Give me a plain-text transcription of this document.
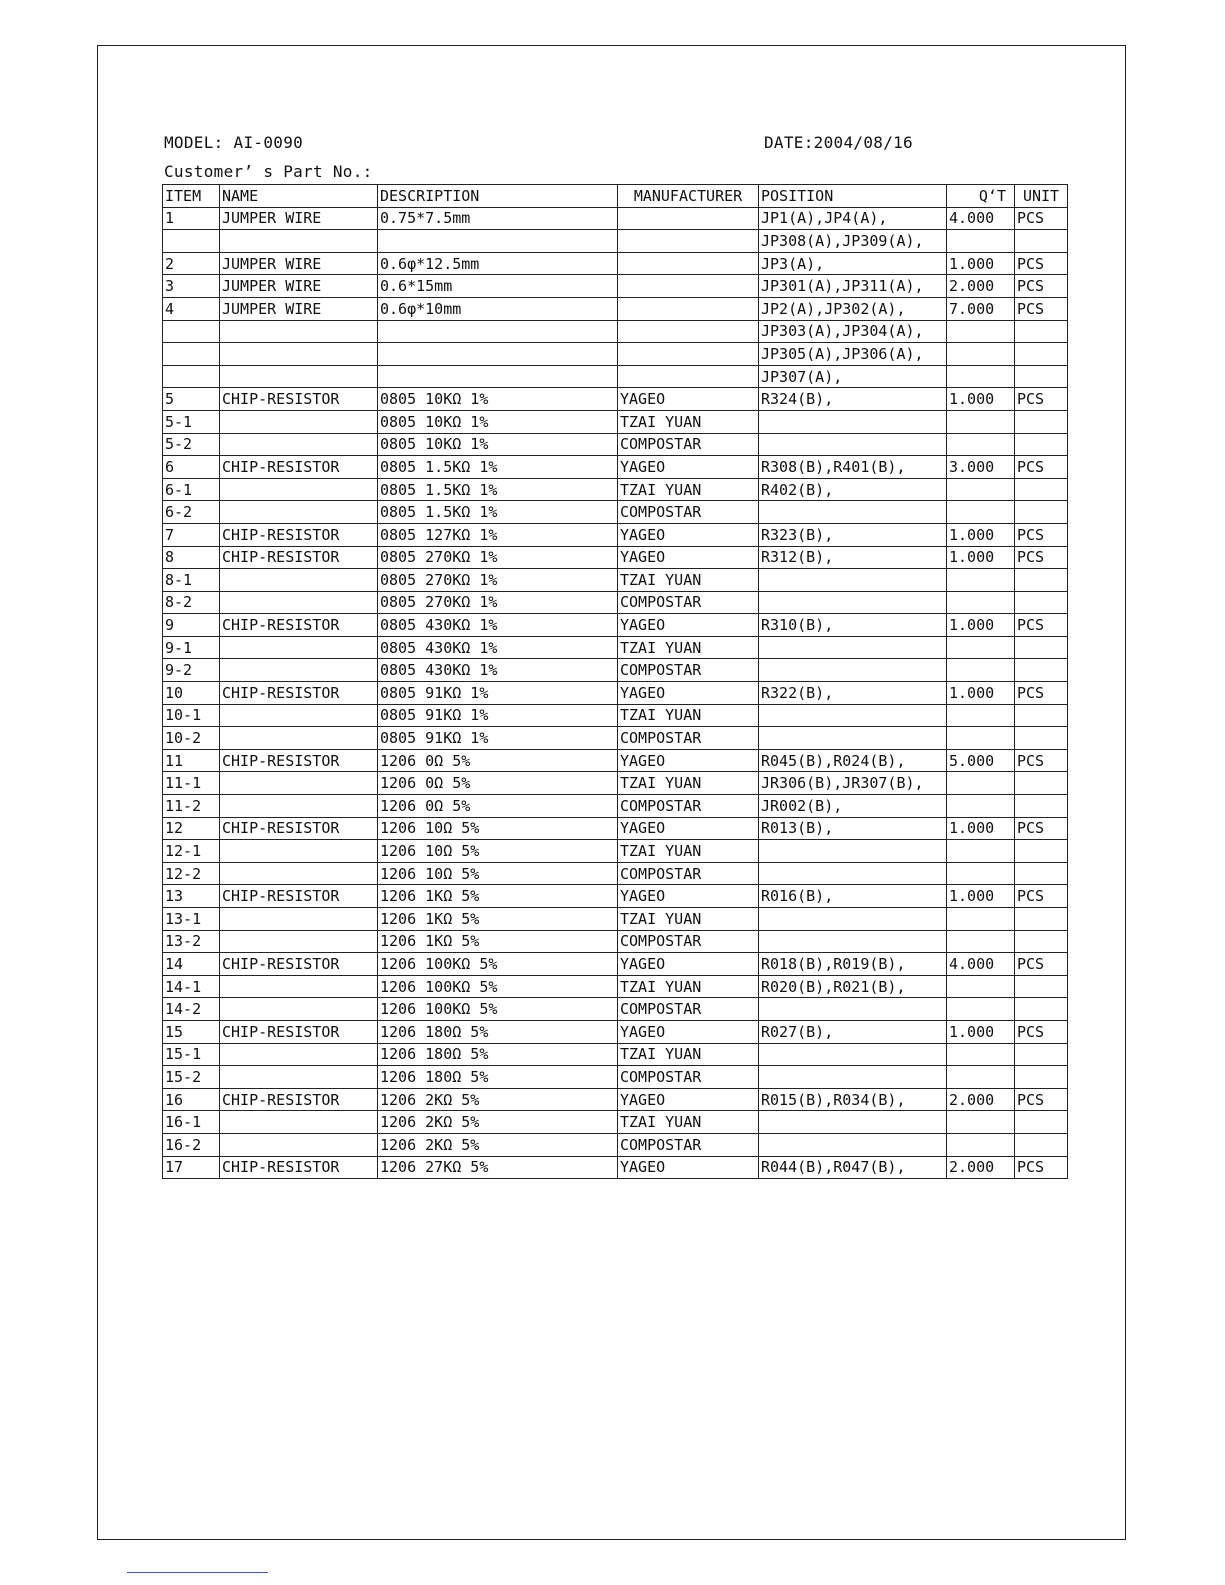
MODEL: AI-0090	DATE:2004/08/16
Customer’ s Part No.:
ITEM	NAME	DESCRIPTION	MANUFACTURER	POSITION	Q‘T	UNIT
1	JUMPER WIRE	0.75*7.5mm		JP1(A),JP4(A),	4.000	PCS
				JP308(A),JP309(A),		
2	JUMPER WIRE	0.6φ*12.5mm		JP3(A),	1.000	PCS
3	JUMPER WIRE	0.6*15mm		JP301(A),JP311(A),	2.000	PCS
4	JUMPER WIRE	0.6φ*10mm		JP2(A),JP302(A),	7.000	PCS
				JP303(A),JP304(A),		
				JP305(A),JP306(A),		
				JP307(A),		
5	CHIP-RESISTOR	0805 10KΩ 1%	YAGEO	R324(B),	1.000	PCS
5-1		0805 10KΩ 1%	TZAI YUAN			
5-2		0805 10KΩ 1%	COMPOSTAR			
6	CHIP-RESISTOR	0805 1.5KΩ 1%	YAGEO	R308(B),R401(B),	3.000	PCS
6-1		0805 1.5KΩ 1%	TZAI YUAN	R402(B),		
6-2		0805 1.5KΩ 1%	COMPOSTAR			
7	CHIP-RESISTOR	0805 127KΩ 1%	YAGEO	R323(B),	1.000	PCS
8	CHIP-RESISTOR	0805 270KΩ 1%	YAGEO	R312(B),	1.000	PCS
8-1		0805 270KΩ 1%	TZAI YUAN			
8-2		0805 270KΩ 1%	COMPOSTAR			
9	CHIP-RESISTOR	0805 430KΩ 1%	YAGEO	R310(B),	1.000	PCS
9-1		0805 430KΩ 1%	TZAI YUAN			
9-2		0805 430KΩ 1%	COMPOSTAR			
10	CHIP-RESISTOR	0805 91KΩ 1%	YAGEO	R322(B),	1.000	PCS
10-1		0805 91KΩ 1%	TZAI YUAN			
10-2		0805 91KΩ 1%	COMPOSTAR			
11	CHIP-RESISTOR	1206 0Ω 5%	YAGEO	R045(B),R024(B),	5.000	PCS
11-1		1206 0Ω 5%	TZAI YUAN	JR306(B),JR307(B),		
11-2		1206 0Ω 5%	COMPOSTAR	JR002(B),		
12	CHIP-RESISTOR	1206 10Ω 5%	YAGEO	R013(B),	1.000	PCS
12-1		1206 10Ω 5%	TZAI YUAN			
12-2		1206 10Ω 5%	COMPOSTAR			
13	CHIP-RESISTOR	1206 1KΩ 5%	YAGEO	R016(B),	1.000	PCS
13-1		1206 1KΩ 5%	TZAI YUAN			
13-2		1206 1KΩ 5%	COMPOSTAR			
14	CHIP-RESISTOR	1206 100KΩ 5%	YAGEO	R018(B),R019(B),	4.000	PCS
14-1		1206 100KΩ 5%	TZAI YUAN	R020(B),R021(B),		
14-2		1206 100KΩ 5%	COMPOSTAR			
15	CHIP-RESISTOR	1206 180Ω 5%	YAGEO	R027(B),	1.000	PCS
15-1		1206 180Ω 5%	TZAI YUAN			
15-2		1206 180Ω 5%	COMPOSTAR			
16	CHIP-RESISTOR	1206 2KΩ 5%	YAGEO	R015(B),R034(B),	2.000	PCS
16-1		1206 2KΩ 5%	TZAI YUAN			
16-2		1206 2KΩ 5%	COMPOSTAR			
17	CHIP-RESISTOR	1206 27KΩ 5%	YAGEO	R044(B),R047(B),	2.000	PCS
